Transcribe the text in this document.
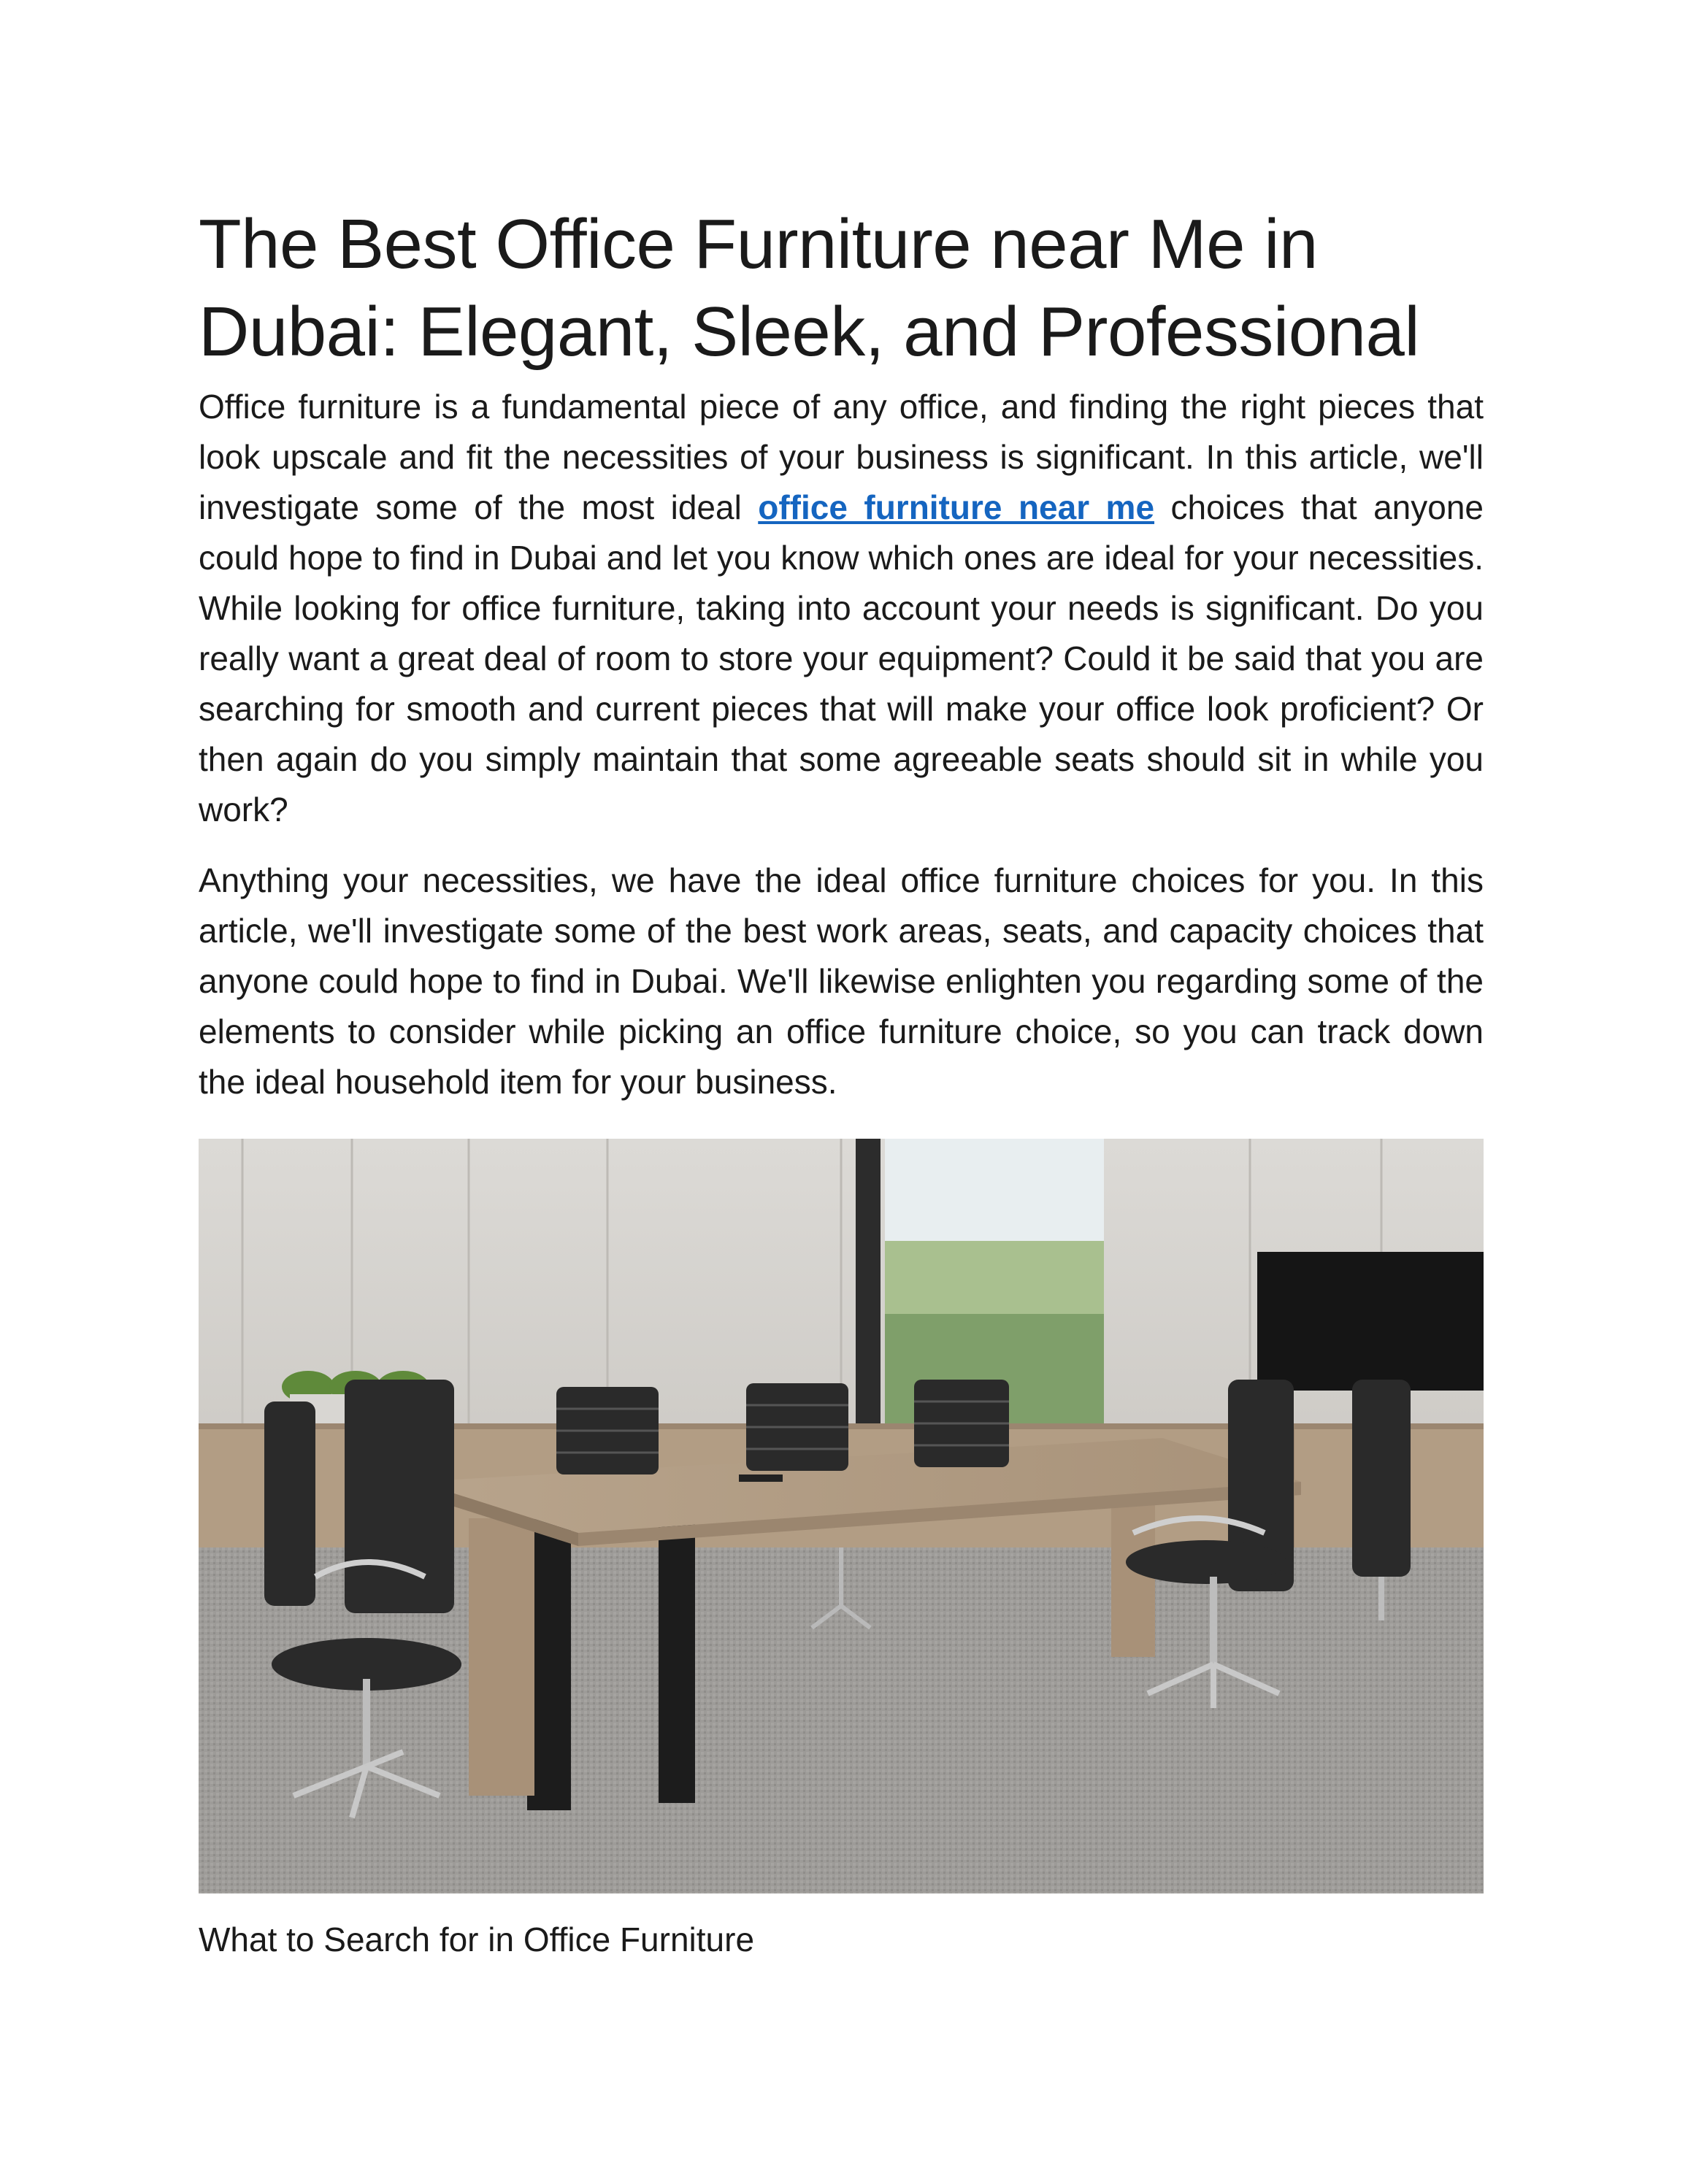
The Best Office Furniture near Me in Dubai: Elegant, Sleek, and Professional

Office furniture is a fundamental piece of any office, and finding the right pieces that look upscale and fit the necessities of your business is significant. In this article, we'll investigate some of the most ideal office furniture near me choices that anyone could hope to find in Dubai and let you know which ones are ideal for your necessities. While looking for office furniture, taking into account your needs is significant. Do you really want a great deal of room to store your equipment? Could it be said that you are searching for smooth and current pieces that will make your office look proficient? Or then again do you simply maintain that some agreeable seats should sit in while you work?

Anything your necessities, we have the ideal office furniture choices for you. In this article, we'll investigate some of the best work areas, seats, and capacity choices that anyone could hope to find in Dubai. We'll likewise enlighten you regarding some of the elements to consider while picking an office furniture choice, so you can track down the ideal household item for your business.

What to Search for in Office Furniture
